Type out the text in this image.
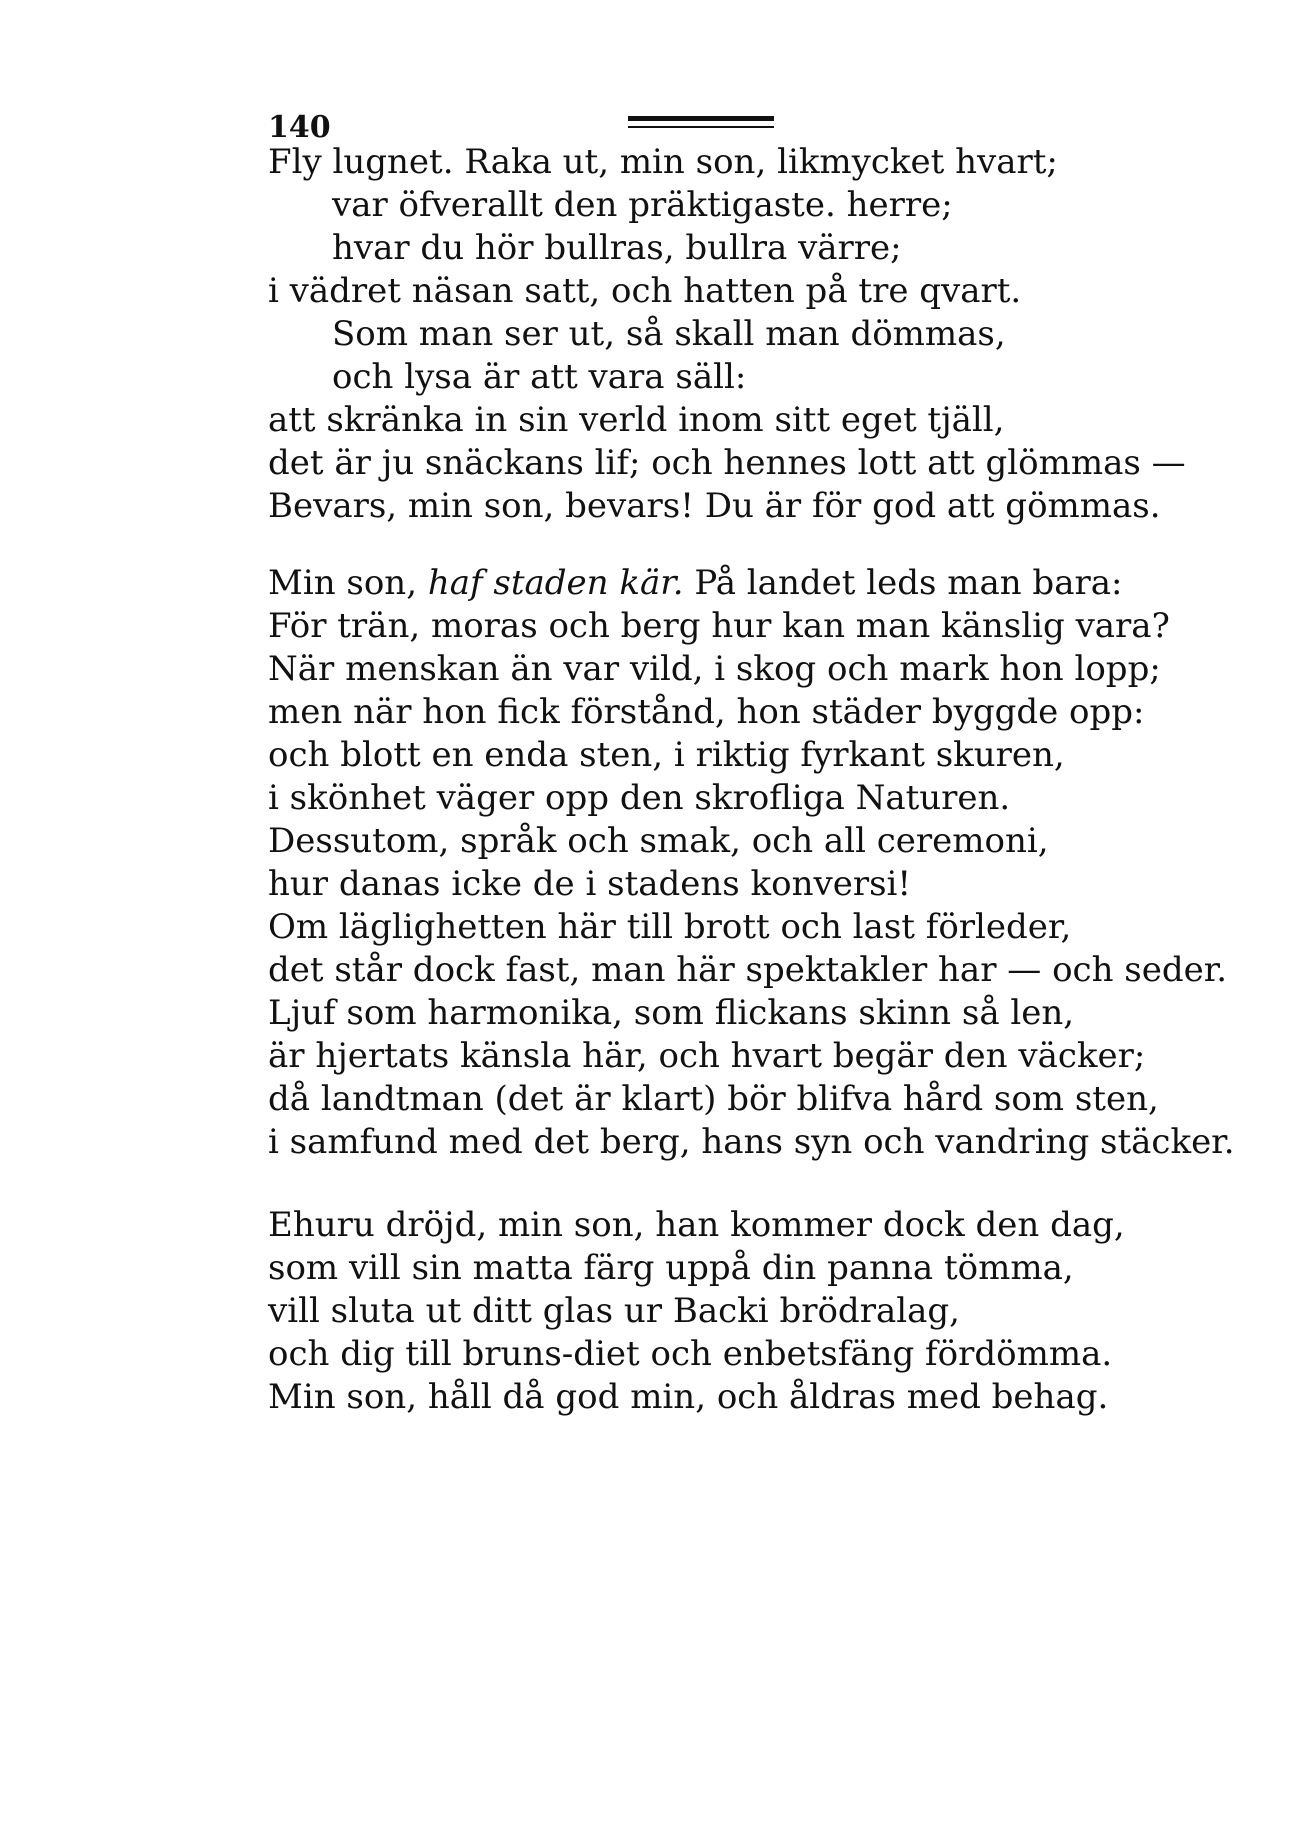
140
Fly lugnet. Raka ut, min son, likmycket hvart;
var öfverallt den präktigaste. herre;
hvar du hör bullras, bullra värre;
i vädret näsan satt, och hatten på tre qvart.
Som man ser ut, så skall man dömmas,
och lysa är att vara säll:
att skränka in sin verld inom sitt eget tjäll,
det är ju snäckans lif; och hennes lott att glömmas —
Bevars, min son, bevars! Du är för god att gömmas.
Min son, haf staden kär. På landet leds man bara:
För trän, moras och berg hur kan man känslig vara?
När menskan än var vild, i skog och mark hon lopp;
men när hon fick förstånd, hon städer byggde opp:
och blott en enda sten, i riktig fyrkant skuren,
i skönhet väger opp den skrofliga Naturen.
Dessutom, språk och smak, och all ceremoni,
hur danas icke de i stadens konversi!
Om läglighetten här till brott och last förleder,
det står dock fast, man här spektakler har — och seder.
Ljuf som harmonika, som flickans skinn så len,
är hjertats känsla här, och hvart begär den väcker;
då landtman (det är klart) bör blifva hård som sten,
i samfund med det berg, hans syn och vandring stäcker.
Ehuru dröjd, min son, han kommer dock den dag,
som vill sin matta färg uppå din panna tömma,
vill sluta ut ditt glas ur Backi brödralag,
och dig till bruns-diet och enbetsfäng fördömma.
Min son, håll då god min, och åldras med behag.
